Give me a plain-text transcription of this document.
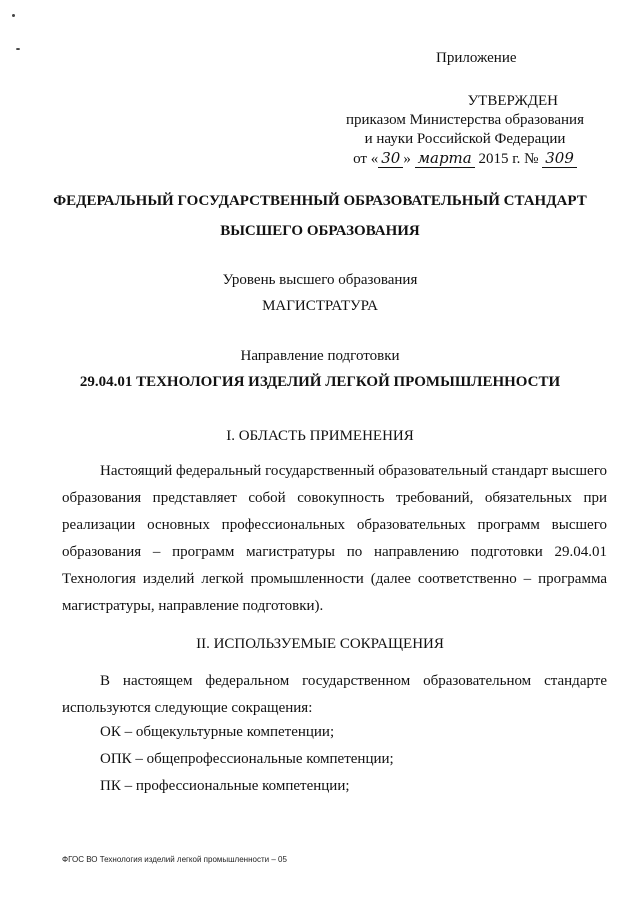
Приложение
УТВЕРЖДЕН
приказом Министерства образования
и науки Российской Федерации
от « 30 » марта 2015 г. № 309
ФЕДЕРАЛЬНЫЙ ГОСУДАРСТВЕННЫЙ ОБРАЗОВАТЕЛЬНЫЙ СТАНДАРТ
ВЫСШЕГО ОБРАЗОВАНИЯ
Уровень высшего образования
МАГИСТРАТУРА
Направление подготовки
29.04.01 ТЕХНОЛОГИЯ ИЗДЕЛИЙ ЛЕГКОЙ ПРОМЫШЛЕННОСТИ
I. ОБЛАСТЬ ПРИМЕНЕНИЯ
Настоящий федеральный государственный образовательный стандарт высшего образования представляет собой совокупность требований, обязательных при реализации основных профессиональных образовательных программ высшего образования – программ магистратуры по направлению подготовки 29.04.01 Технология изделий легкой промышленности (далее соответственно – программа магистратуры, направление подготовки).
II. ИСПОЛЬЗУЕМЫЕ СОКРАЩЕНИЯ
В настоящем федеральном государственном образовательном стандарте используются следующие сокращения:
ОК – общекультурные компетенции;
ОПК – общепрофессиональные компетенции;
ПК – профессиональные компетенции;
ФГОС ВО Технология изделий легкой промышленности – 05
